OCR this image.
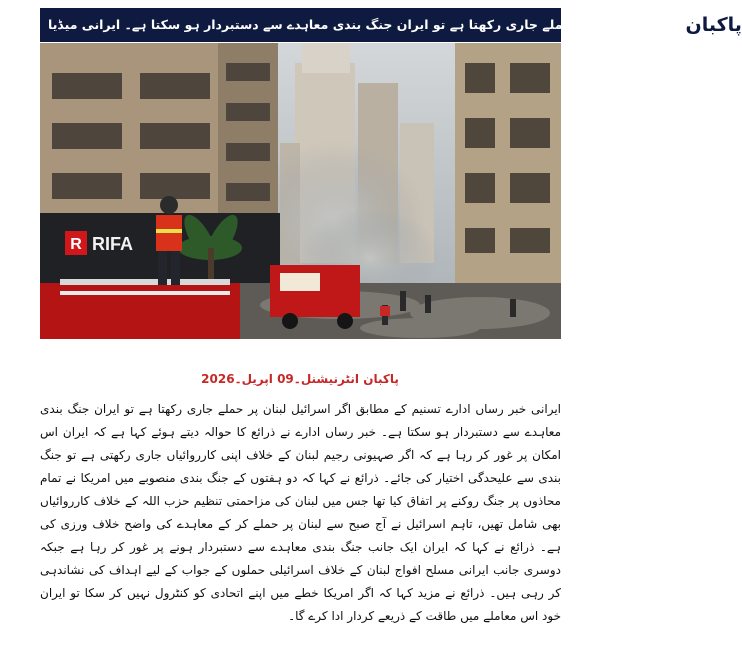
اسرائیل لبنان پر حملے جاری رکھتا ہے تو ایران جنگ بندی معاہدے سے دستبردار ہو سکتا ہے۔ ایرانی میڈیا پاکبان
R RIFA
پاکبان انٹرنیشنل۔09 اپریل۔2026

ایرانی خبر رساں ادارے تسنیم کے مطابق اگر اسرائیل لبنان پر حملے جاری رکھتا ہے تو ایران جنگ بندی معاہدے سے دستبردار ہو سکتا ہے۔ خبر رساں ادارے نے ذرائع کا حوالہ دیتے ہوئے کہا ہے کہ ایران اس امکان پر غور کر رہا ہے کہ اگر صہیونی رجیم لبنان کے خلاف اپنی کارروائیاں جاری رکھتی ہے تو جنگ بندی سے علیحدگی اختیار کی جائے۔ ذرائع نے کہا کہ دو ہفتوں کے جنگ بندی منصوبے میں امریکا نے تمام محاذوں پر جنگ روکنے پر اتفاق کیا تھا جس میں لبنان کی مزاحمتی تنظیم حزب اللہ کے خلاف کارروائیاں بھی شامل تھیں، تاہم اسرائیل نے آج صبح سے لبنان پر حملے کر کے معاہدے کی واضح خلاف ورزی کی ہے۔ ذرائع نے کہا کہ ایران ایک جانب جنگ بندی معاہدے سے دستبردار ہونے پر غور کر رہا ہے جبکہ دوسری جانب ایرانی مسلح افواج لبنان کے خلاف اسرائیلی حملوں کے جواب کے لیے اہداف کی نشاندہی کر رہی ہیں۔ ذرائع نے مزید کہا کہ اگر امریکا خطے میں اپنے اتحادی کو کنٹرول نہیں کر سکا تو ایران خود اس معاملے میں طاقت کے ذریعے کردار ادا کرے گا۔
